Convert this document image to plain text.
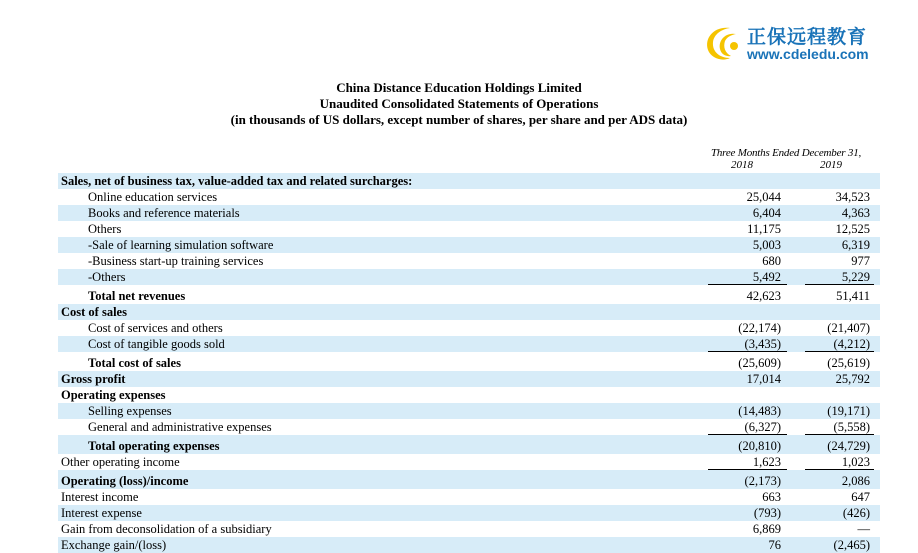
正保远程教育
www.cdeledu.com
China Distance Education Holdings Limited
Unaudited Consolidated Statements of Operations
(in thousands of US dollars, except number of shares, per share and per ADS data)
Three Months Ended December 31,
2018	2019
Sales, net of business tax, value-added tax and related surcharges:
Online education services	25,044	34,523
Books and reference materials	6,404	4,363
Others	11,175	12,525
-Sale of learning simulation software	5,003	6,319
-Business start-up training services	680	977
-Others	5,492	5,229
Total net revenues	42,623	51,411
Cost of sales
Cost of services and others	(22,174)	(21,407)
Cost of tangible goods sold	(3,435)	(4,212)
Total cost of sales	(25,609)	(25,619)
Gross profit	17,014	25,792
Operating expenses
Selling expenses	(14,483)	(19,171)
General and administrative expenses	(6,327)	(5,558)
Total operating expenses	(20,810)	(24,729)
Other operating income	1,623	1,023
Operating (loss)/income	(2,173)	2,086
Interest income	663	647
Interest expense	(793)	(426)
Gain from deconsolidation of a subsidiary	6,869	—
Exchange gain/(loss)	76	(2,465)
